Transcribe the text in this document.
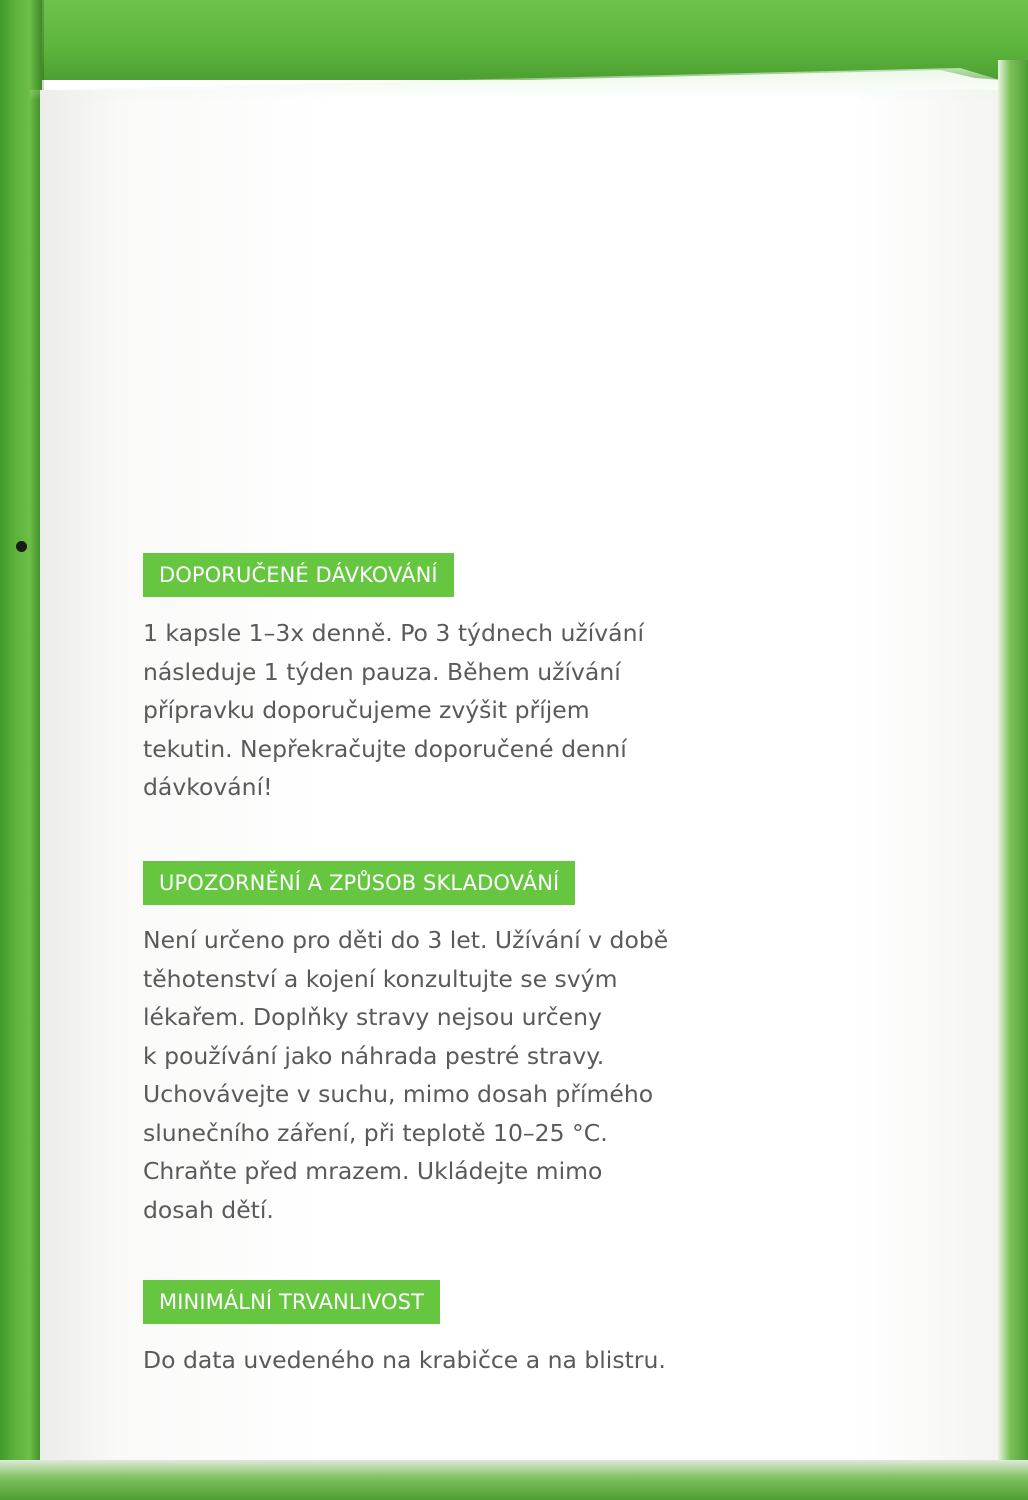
DOPORUČENÉ DÁVKOVÁNÍ
1 kapsle 1–3x denně. Po 3 týdnech užívání
následuje 1 týden pauza. Během užívání
přípravku doporučujeme zvýšit příjem
tekutin. Nepřekračujte doporučené denní
dávkování!
UPOZORNĚNÍ A ZPŮSOB SKLADOVÁNÍ
Není určeno pro děti do 3 let. Užívání v době
těhotenství a kojení konzultujte se svým
lékařem. Doplňky stravy nejsou určeny
k používání jako náhrada pestré stravy.
Uchovávejte v suchu, mimo dosah přímého
slunečního záření, při teplotě 10–25 °C.
Chraňte před mrazem. Ukládejte mimo
dosah dětí.
MINIMÁLNÍ TRVANLIVOST
Do data uvedeného na krabičce a na blistru.
